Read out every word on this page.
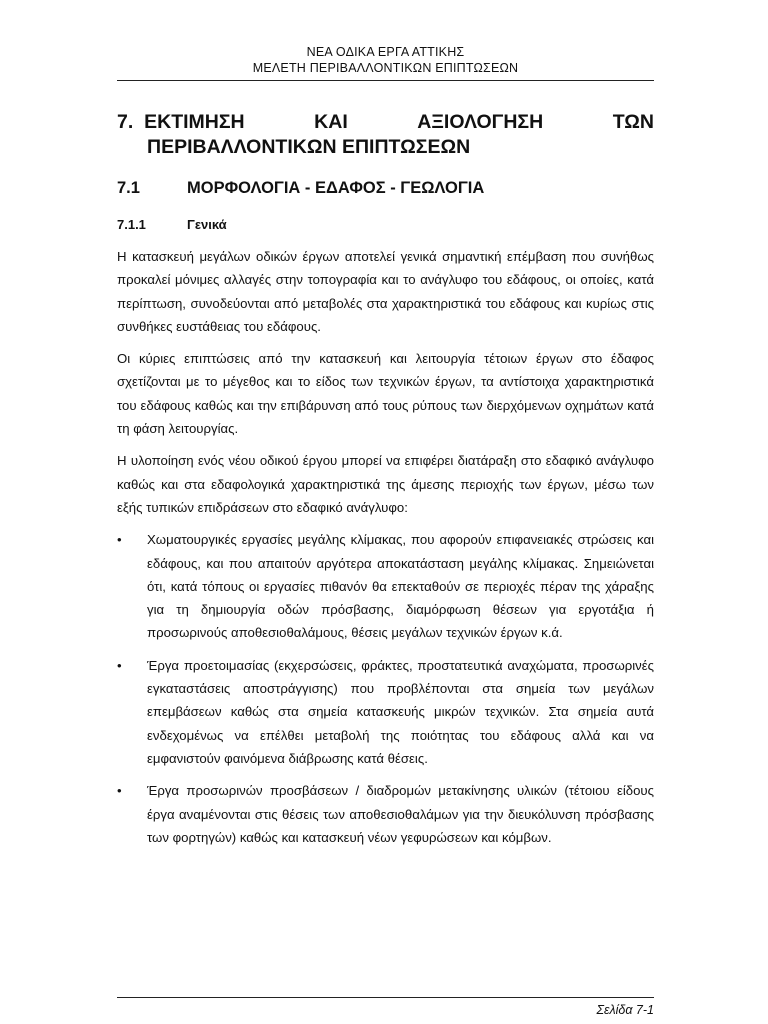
ΝΕΑ ΟΔΙΚΑ ΕΡΓΑ ΑΤΤΙΚΗΣ
ΜΕΛΕΤΗ ΠΕΡΙΒΑΛΛΟΝΤΙΚΩΝ ΕΠΙΠΤΩΣΕΩΝ
7. ΕΚΤΙΜΗΣΗ	ΚΑΙ	ΑΞΙΟΛΟΓΗΣΗ	ΤΩΝ
ΠΕΡΙΒΑΛΛΟΝΤΙΚΩΝ ΕΠΙΠΤΩΣΕΩΝ
7.1	ΜΟΡΦΟΛΟΓΙΑ - ΕΔΑΦΟΣ - ΓΕΩΛΟΓΙΑ
7.1.1	Γενικά

Η κατασκευή μεγάλων οδικών έργων αποτελεί γενικά σημαντική επέμβαση που συνήθως προκαλεί μόνιμες αλλαγές στην τοπογραφία και το ανάγλυφο του εδάφους, οι οποίες, κατά περίπτωση, συνοδεύονται από μεταβολές στα χαρακτηριστικά του εδάφους και κυρίως στις συνθήκες ευστάθειας του εδάφους.

Οι κύριες επιπτώσεις από την κατασκευή και λειτουργία τέτοιων έργων στο έδαφος σχετίζονται με το μέγεθος και το είδος των τεχνικών έργων, τα αντίστοιχα χαρακτηριστικά του εδάφους καθώς και την επιβάρυνση από τους ρύπους των διερχόμενων οχημάτων κατά τη φάση λειτουργίας.

Η υλοποίηση ενός νέου οδικού έργου μπορεί να επιφέρει διατάραξη στο εδαφικό ανάγλυφο καθώς και στα εδαφολογικά χαρακτηριστικά της άμεσης περιοχής των έργων, μέσω των εξής τυπικών επιδράσεων στο εδαφικό ανάγλυφο:

• Χωματουργικές εργασίες μεγάλης κλίμακας, που αφορούν επιφανειακές στρώσεις και εδάφους, και που απαιτούν αργότερα αποκατάσταση μεγάλης κλίμακας. Σημειώνεται ότι, κατά τόπους οι εργασίες πιθανόν θα επεκταθούν σε περιοχές πέραν της χάραξης για τη δημιουργία οδών πρόσβασης, διαμόρφωση θέσεων για εργοτάξια ή προσωρινούς αποθεσιοθαλάμους, θέσεις μεγάλων τεχνικών έργων κ.ά.
• Έργα προετοιμασίας (εκχερσώσεις, φράκτες, προστατευτικά αναχώματα, προσωρινές εγκαταστάσεις αποστράγγισης) που προβλέπονται στα σημεία των μεγάλων επεμβάσεων καθώς στα σημεία κατασκευής μικρών τεχνικών. Στα σημεία αυτά ενδεχομένως να επέλθει μεταβολή της ποιότητας του εδάφους αλλά και να εμφανιστούν φαινόμενα διάβρωσης κατά θέσεις.
• Έργα προσωρινών προσβάσεων / διαδρομών μετακίνησης υλικών (τέτοιου είδους έργα αναμένονται στις θέσεις των αποθεσιοθαλάμων για την διευκόλυνση πρόσβασης των φορτηγών) καθώς και κατασκευή νέων γεφυρώσεων και κόμβων.
Σελίδα 7-1
